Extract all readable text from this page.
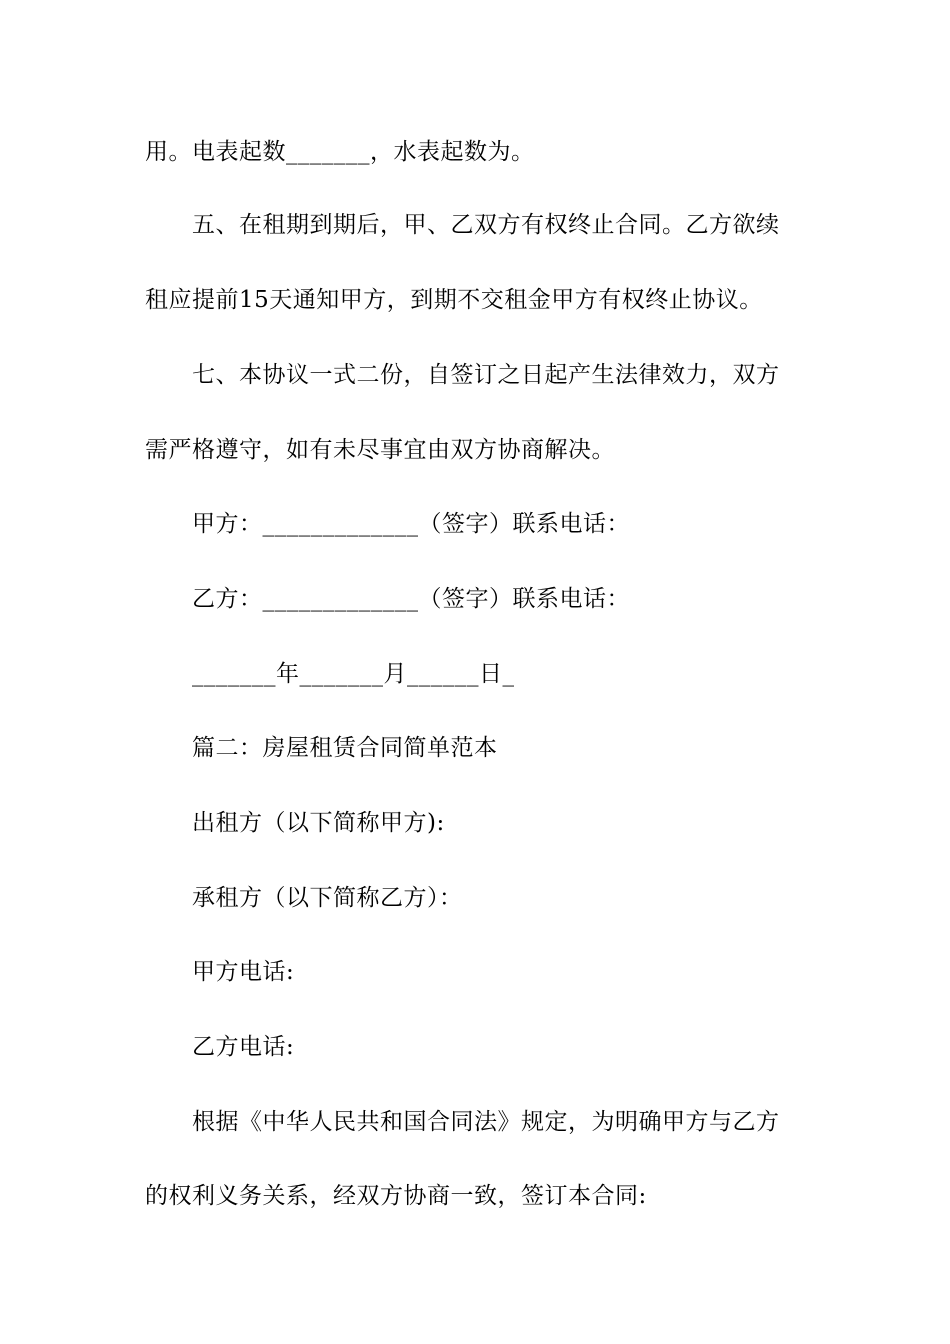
用。电表起数_______，水表起数为。
五、在租期到期后，甲、乙双方有权终止合同。乙方欲续
租应提前15天通知甲方，到期不交租金甲方有权终止协议。
七、本协议一式二份，自签订之日起产生法律效力，双方
需严格遵守，如有未尽事宜由双方协商解决。
甲方：_____________（签字）联系电话：
乙方：_____________（签字）联系电话：
_______年_______月______日_
篇二：房屋租赁合同简单范本
出租方（以下简称甲方):
承租方（以下简称乙方）：
甲方电话:
乙方电话:
根据《中华人民共和国合同法》规定，为明确甲方与乙方
的权利义务关系，经双方协商一致，签订本合同:
